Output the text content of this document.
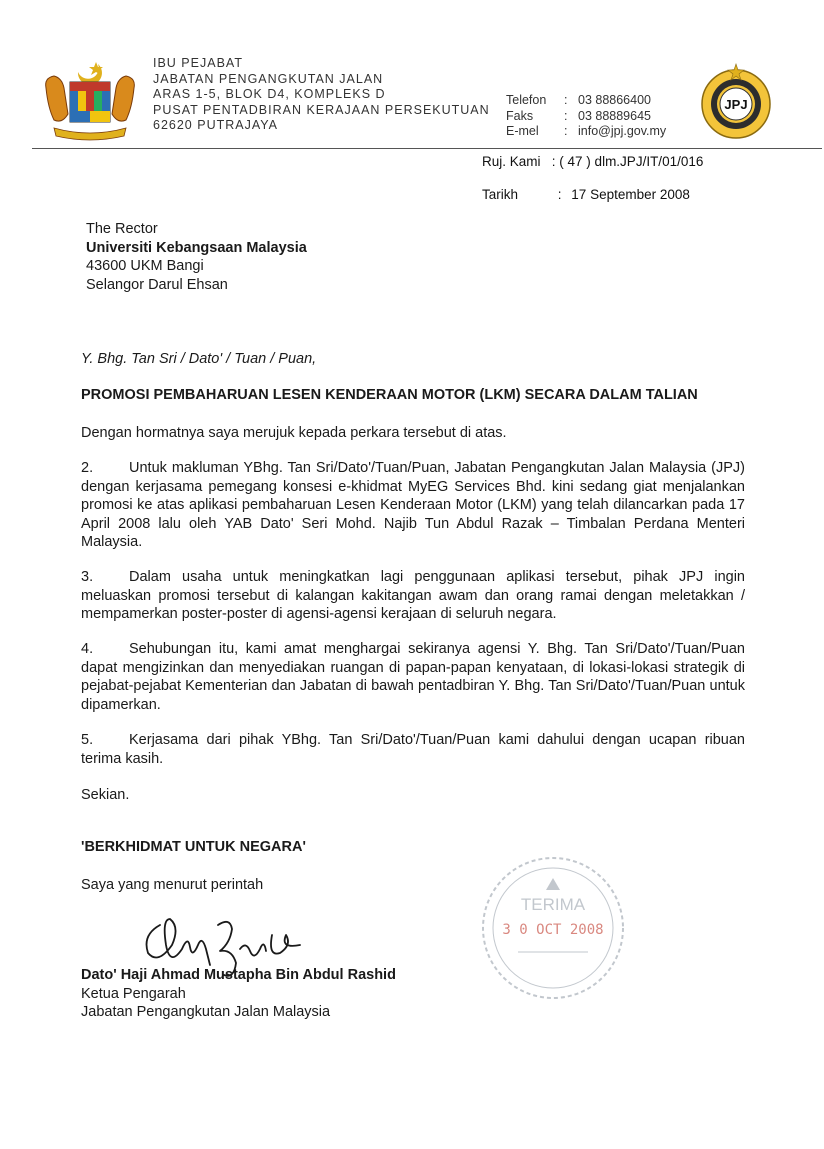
IBU PEJABAT
JABATAN PENGANGKUTAN JALAN
ARAS 1-5, BLOK D4, KOMPLEKS D
PUSAT PENTADBIRAN KERAJAAN PERSEKUTUAN
62620 PUTRAJAYA
Telefon	: 03 88866400
Faks	: 03 88889645
E-mel	: info@jpj.gov.my
JPJ
Ruj. Kami : ( 47 ) dlm.JPJ/IT/01/016
Tarikh	: 17 September 2008
The Rector
Universiti Kebangsaan Malaysia
43600 UKM Bangi
Selangor Darul Ehsan
Y. Bhg. Tan Sri / Dato' / Tuan / Puan,
PROMOSI PEMBAHARUAN LESEN KENDERAAN MOTOR (LKM) SECARA DALAM TALIAN
Dengan hormatnya saya merujuk kepada perkara tersebut di atas.
2. Untuk makluman YBhg. Tan Sri/Dato'/Tuan/Puan, Jabatan Pengangkutan Jalan Malaysia (JPJ) dengan kerjasama pemegang konsesi e-khidmat MyEG Services Bhd. kini sedang giat menjalankan promosi ke atas aplikasi pembaharuan Lesen Kenderaan Motor (LKM) yang telah dilancarkan pada 17 April 2008 lalu oleh YAB Dato' Seri Mohd. Najib Tun Abdul Razak – Timbalan Perdana Menteri Malaysia.
3. Dalam usaha untuk meningkatkan lagi penggunaan aplikasi tersebut, pihak JPJ ingin meluaskan promosi tersebut di kalangan kakitangan awam dan orang ramai dengan meletakkan / mempamerkan poster-poster di agensi-agensi kerajaan di seluruh negara.
4. Sehubungan itu, kami amat menghargai sekiranya agensi Y. Bhg. Tan Sri/Dato'/Tuan/Puan dapat mengizinkan dan menyediakan ruangan di papan-papan kenyataan, di lokasi-lokasi strategik di pejabat-pejabat Kementerian dan Jabatan di bawah pentadbiran Y. Bhg. Tan Sri/Dato'/Tuan/Puan untuk dipamerkan.
5. Kerjasama dari pihak YBhg. Tan Sri/Dato'/Tuan/Puan kami dahului dengan ucapan ribuan terima kasih.
Sekian.
'BERKHIDMAT UNTUK NEGARA'
Saya yang menurut perintah
Dato' Haji Ahmad Mustapha Bin Abdul Rashid
Ketua Pengarah
Jabatan Pengangkutan Jalan Malaysia
TERIMA
3 0 OCT 2008
